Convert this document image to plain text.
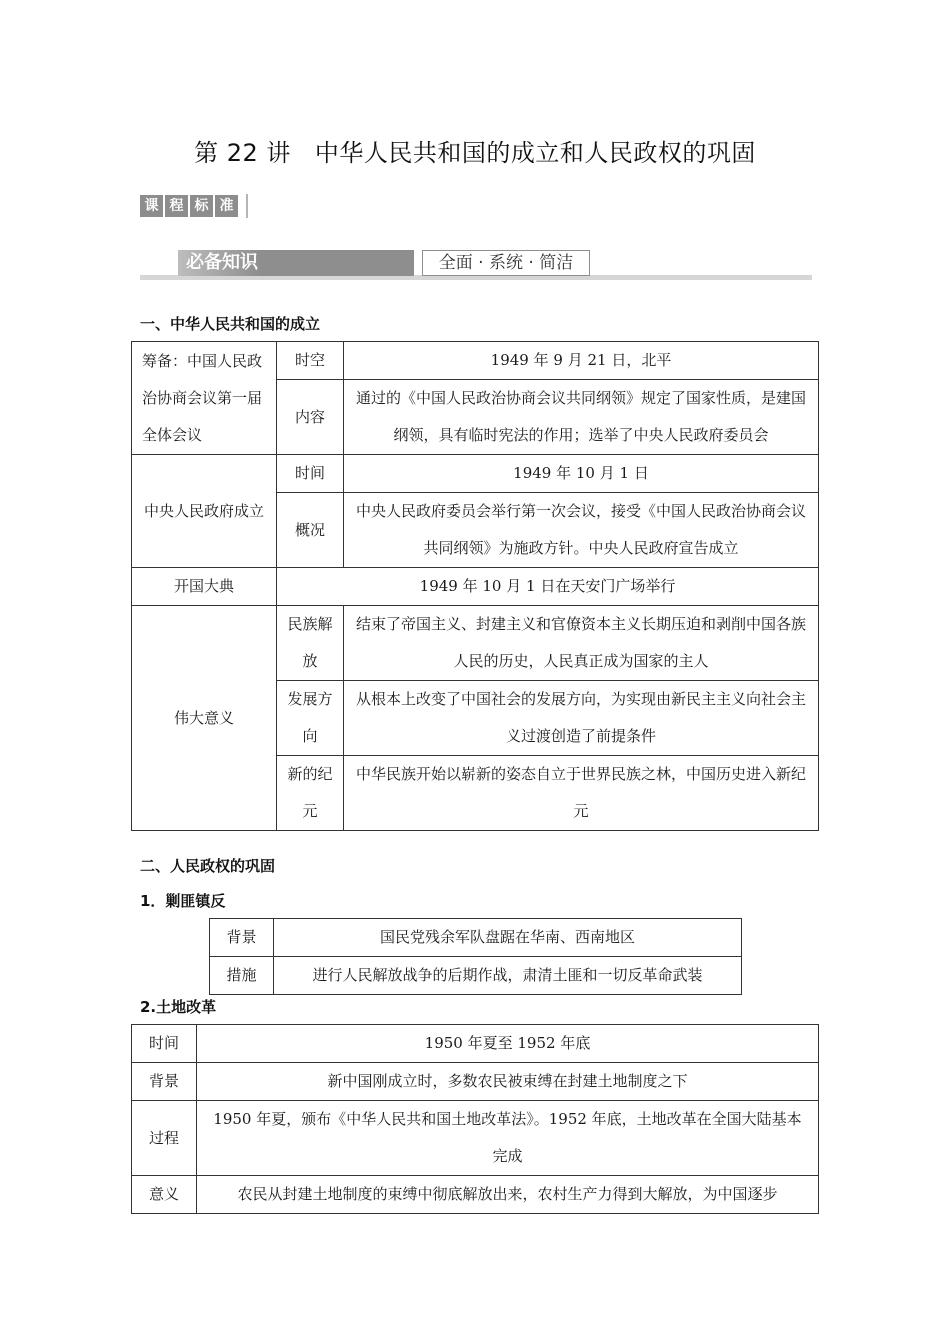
第 22 讲 中华人民共和国的成立和人民政权的巩固
课 程 标 准
必备知识	全面 · 系统 · 简洁
一、中华人民共和国的成立
筹备：中国人民政治协商会议第一届全体会议	时空	1949 年 9 月 21 日，北平
	内容	通过的《中国人民政治协商会议共同纲领》规定了国家性质，是建国纲领，具有临时宪法的作用；选举了中央人民政府委员会
中央人民政府成立	时间	1949 年 10 月 1 日
	概况	中央人民政府委员会举行第一次会议，接受《中国人民政治协商会议共同纲领》为施政方针。中央人民政府宣告成立
开国大典	1949 年 10 月 1 日在天安门广场举行	
伟大意义	民族解放	结束了帝国主义、封建主义和官僚资本主义长期压迫和剥削中国各族人民的历史，人民真正成为国家的主人
	发展方向	从根本上改变了中国社会的发展方向，为实现由新民主主义向社会主义过渡创造了前提条件
	新的纪元	中华民族开始以崭新的姿态自立于世界民族之林，中国历史进入新纪元
二、人民政权的巩固
1．剿匪镇反
背景	国民党残余军队盘踞在华南、西南地区
措施	进行人民解放战争的后期作战，肃清土匪和一切反革命武装
2.土地改革
时间	1950 年夏至 1952 年底
背景	新中国刚成立时，多数农民被束缚在封建土地制度之下
过程	1950 年夏，颁布《中华人民共和国土地改革法》。1952 年底，土地改革在全国大陆基本完成
意义	农民从封建土地制度的束缚中彻底解放出来，农村生产力得到大解放，为中国逐步
